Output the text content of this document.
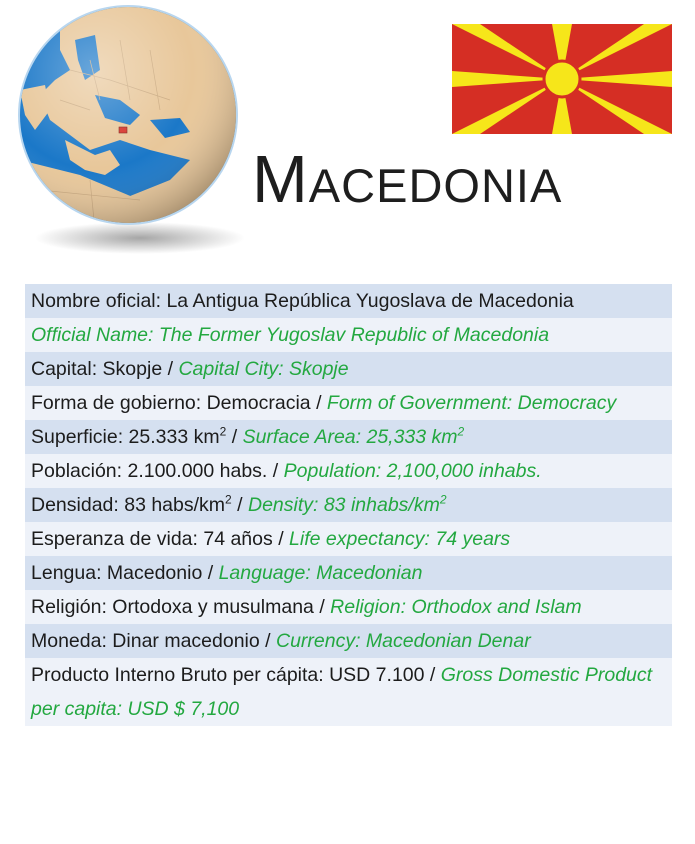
Macedonia
Nombre oficial: La Antigua República Yugoslava de Macedonia
Official Name: The Former Yugoslav Republic of Macedonia
Capital: Skopje / Capital City: Skopje
Forma de gobierno: Democracia / Form of Government: Democracy
Superficie: 25.333 $km^2$ / Surface Area: 25,333 $km^2$
Población: 2.100.000 habs. / Population: 2,100,000 inhabs.
Densidad: 83 habs/$km^2$ / Density: 83 inhabs/$km^2$
Esperanza de vida: 74 años / Life expectancy: 74 years
Lengua: Macedonio / Language: Macedonian
Religión: Ortodoxa y musulmana / Religion: Orthodox and Islam
Moneda: Dinar macedonio / Currency: Macedonian Denar
Producto Interno Bruto per cápita: USD 7.100 / Gross Domestic Product per capita: USD $ 7,100
